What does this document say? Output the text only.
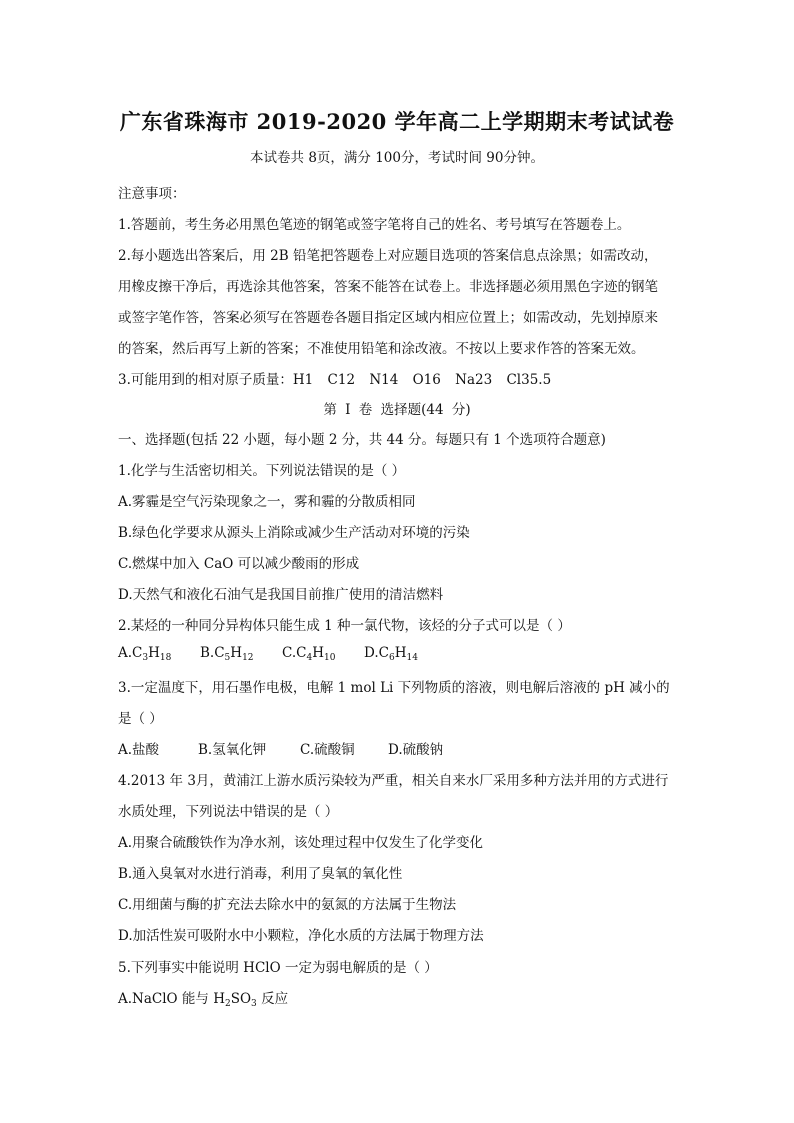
广东省珠海市 2019-2020 学年高二上学期期末考试试卷
本试卷共 8页，满分 100分，考试时间 90分钟。
注意事项：
1.答题前，考生务必用黑色笔迹的钢笔或签字笔将自己的姓名、考号填写在答题卷上。
2.每小题选出答案后，用 2B 铅笔把答题卷上对应题目选项的答案信息点涂黑；如需改动，
用橡皮擦干净后，再选涂其他答案，答案不能答在试卷上。非选择题必须用黑色字迹的钢笔
或签字笔作答，答案必须写在答题卷各题目指定区域内相应位置上；如需改动，先划掉原来
的答案，然后再写上新的答案；不准使用铅笔和涂改液。不按以上要求作答的答案无效。
3.可能用到的相对原子质量：H1 C12 N14 O16 Na23 Cl35.5
第 I 卷 选择题(44 分)
一、选择题(包括 22 小题，每小题 2 分，共 44 分。每题只有 1 个选项符合题意)
1.化学与生活密切相关。下列说法错误的是（ ）
A.雾霾是空气污染现象之一，雾和霾的分散质相同
B.绿色化学要求从源头上消除或减少生产活动对环境的污染
C.燃煤中加入 CaO 可以减少酸雨的形成
D.天然气和液化石油气是我国目前推广使用的清洁燃料
2.某烃的一种同分异构体只能生成 1 种一氯代物，该烃的分子式可以是（ ）
$A.C_3H_{18}$ $B.C_5H_{12}$ $C.C_4H_{10}$ $D.C_6H_{14}$
3.一定温度下，用石墨作电极，电解 1 mol Li 下列物质的溶液，则电解后溶液的 pH 减小的
是（ ）
A.盐酸	B.氢氧化钾	C.硫酸铜 D.硫酸钠
4.2013 年 3月，黄浦江上游水质污染较为严重，相关自来水厂采用多种方法并用的方式进行
水质处理，下列说法中错误的是（ ）
A.用聚合硫酸铁作为净水剂，该处理过程中仅发生了化学变化
B.通入臭氧对水进行消毒，利用了臭氧的氧化性
C.用细菌与酶的扩充法去除水中的氨氮的方法属于生物法
D.加活性炭可吸附水中小颗粒，净化水质的方法属于物理方法
5.下列事实中能说明 HClO 一定为弱电解质的是（ ）
A.NaClO 能与 $H_2SO_3$ 反应
